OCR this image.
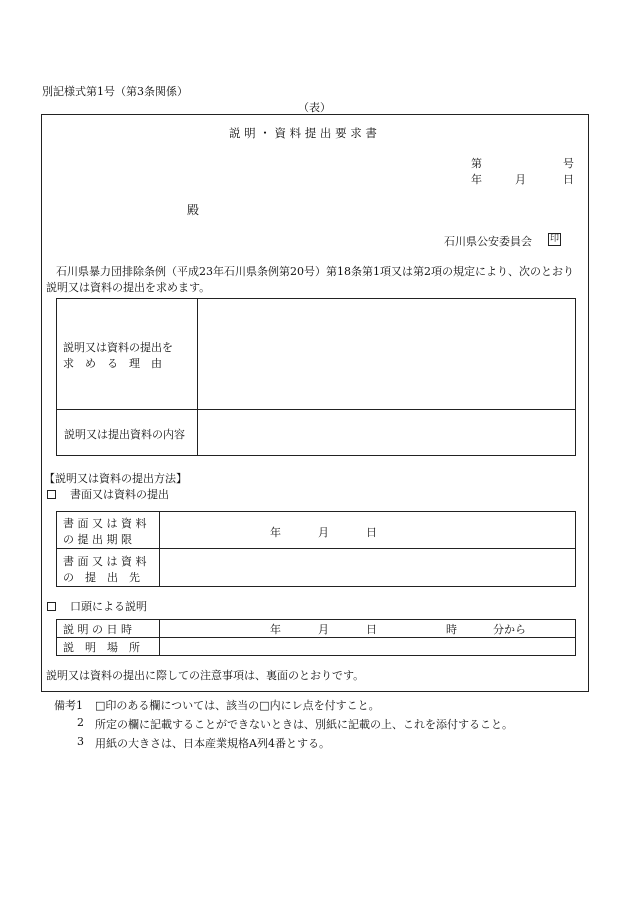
別記様式第1号（第3条関係）
（表）
説 明 ・ 資 料 提 出 要 求 書
第	号
年	月	日
殿
石川県公安委員会 印
石川県暴力団排除条例（平成23年石川県条例第20号）第18条第1項又は第2項の規定により、次のとおり
説明又は資料の提出を求めます。
説明又は資料の提出を
求　め　る　理　由
説明又は提出資料の内容
【説明又は資料の提出方法】
書面又は資料の提出
書 面 又 は 資 料
の 提 出 期 限
年	月	日
書 面 又 は 資 料
の　提　出　先
口頭による説明
説 明 の 日 時	年	月	日	時	分から
説　明　場　所
説明又は資料の提出に際しての注意事項は、裏面のとおりです。
備考1 □印のある欄については、該当の□内にレ点を付すこと。
2 所定の欄に記載することができないときは、別紙に記載の上、これを添付すること。
3 用紙の大きさは、日本産業規格A列4番とする。
